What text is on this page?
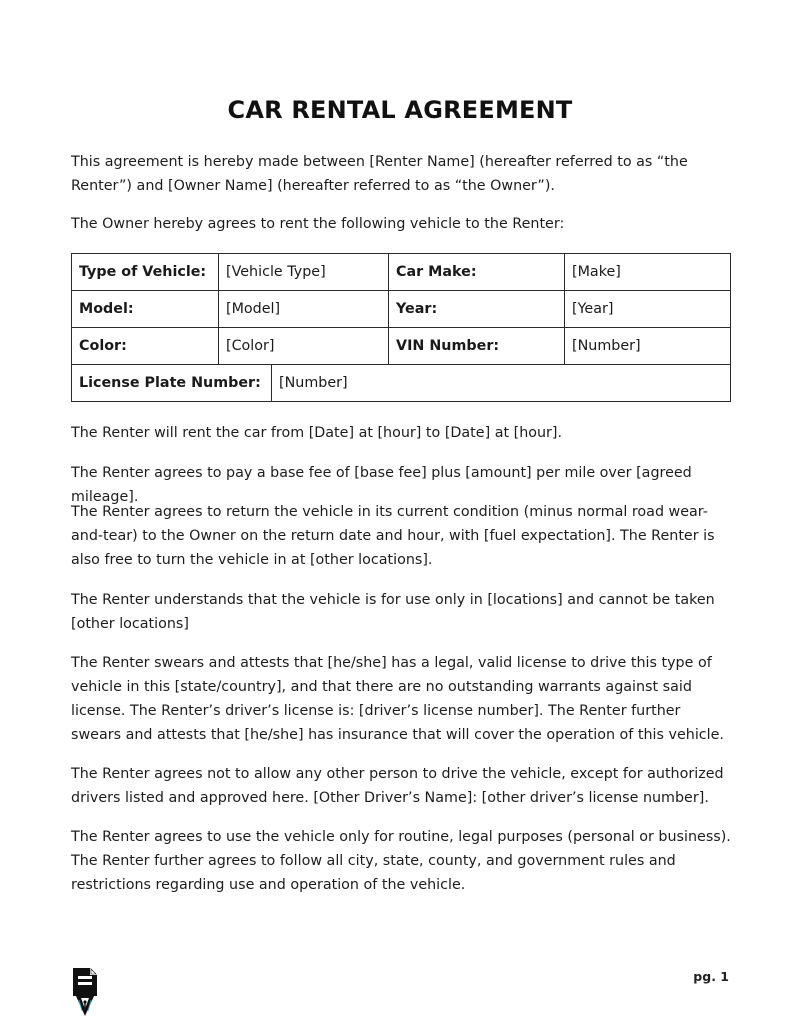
CAR RENTAL AGREEMENT

This agreement is hereby made between [Renter Name] (hereafter referred to as “the Renter”) and [Owner Name] (hereafter referred to as “the Owner”).

The Owner hereby agrees to rent the following vehicle to the Renter:

Type of Vehicle:	[Vehicle Type]		Car Make:	[Make]
Model:	[Model]		Year:	[Year]
Color:	[Color]		VIN Number:	[Number]
License Plate Number:		[Number]		

The Renter will rent the car from [Date] at [hour] to [Date] at [hour].

The Renter agrees to pay a base fee of [base fee] plus [amount] per mile over [agreed mileage].

The Renter agrees to return the vehicle in its current condition (minus normal road wear-and-tear) to the Owner on the return date and hour, with [fuel expectation]. The Renter is also free to turn the vehicle in at [other locations].

The Renter understands that the vehicle is for use only in [locations] and cannot be taken [other locations]

The Renter swears and attests that [he/she] has a legal, valid license to drive this type of vehicle in this [state/country], and that there are no outstanding warrants against said license. The Renter’s driver’s license is: [driver’s license number]. The Renter further swears and attests that [he/she] has insurance that will cover the operation of this vehicle.

The Renter agrees not to allow any other person to drive the vehicle, except for authorized drivers listed and approved here. [Other Driver’s Name]: [other driver’s license number].

The Renter agrees to use the vehicle only for routine, legal purposes (personal or business). The Renter further agrees to follow all city, state, county, and government rules and restrictions regarding use and operation of the vehicle.

pg. 1
